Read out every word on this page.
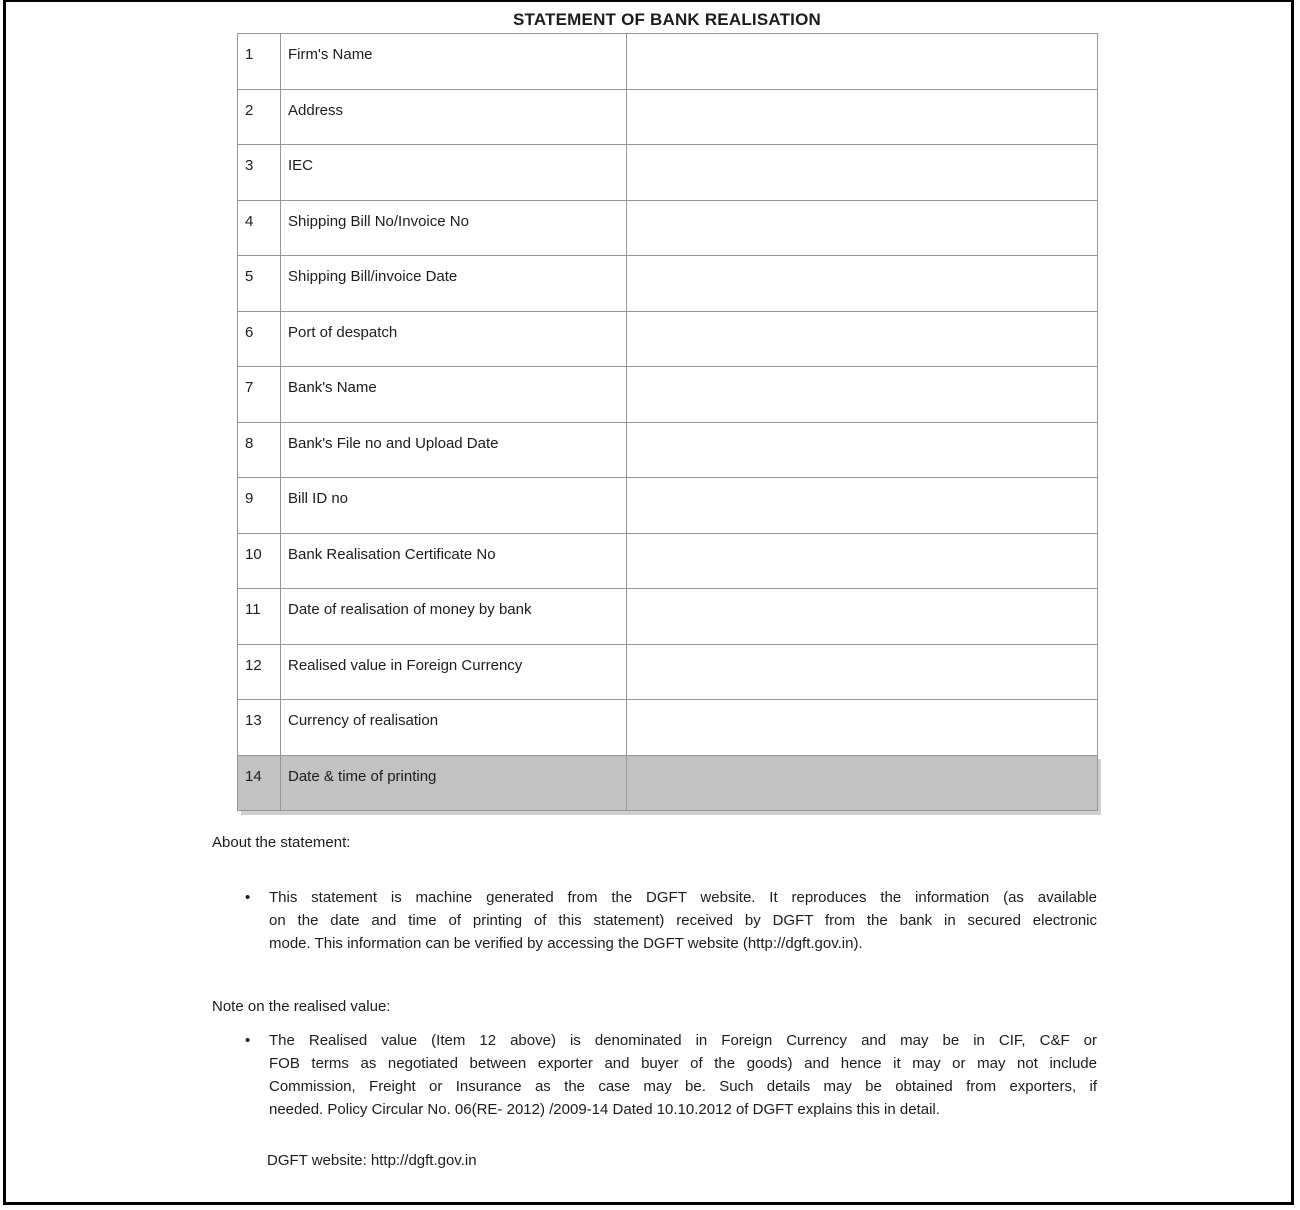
STATEMENT OF BANK REALISATION
1	Firm's Name	
2	Address	
3	IEC	
4	Shipping Bill No/Invoice No	
5	Shipping Bill/invoice Date	
6	Port of despatch	
7	Bank's Name	
8	Bank's File no and Upload Date	
9	Bill ID no	
10	Bank Realisation Certificate No	
11	Date of realisation of money by bank	
12	Realised value in Foreign Currency	
13	Currency of realisation	
14	Date & time of printing	
About the statement:
•	This statement is machine generated from the DGFT website. It reproduces the information (as available
on the date and time of printing of this statement) received by DGFT from the bank in secured electronic
mode. This information can be verified by accessing the DGFT website (http://dgft.gov.in).
Note on the realised value:
•	The Realised value (Item 12 above) is denominated in Foreign Currency and may be in CIF, C&F or
FOB terms as negotiated between exporter and buyer of the goods) and hence it may or may not include
Commission, Freight or Insurance as the case may be. Such details may be obtained from exporters, if
needed. Policy Circular No. 06(RE- 2012) /2009-14 Dated 10.10.2012 of DGFT explains this in detail.
DGFT website: http://dgft.gov.in
